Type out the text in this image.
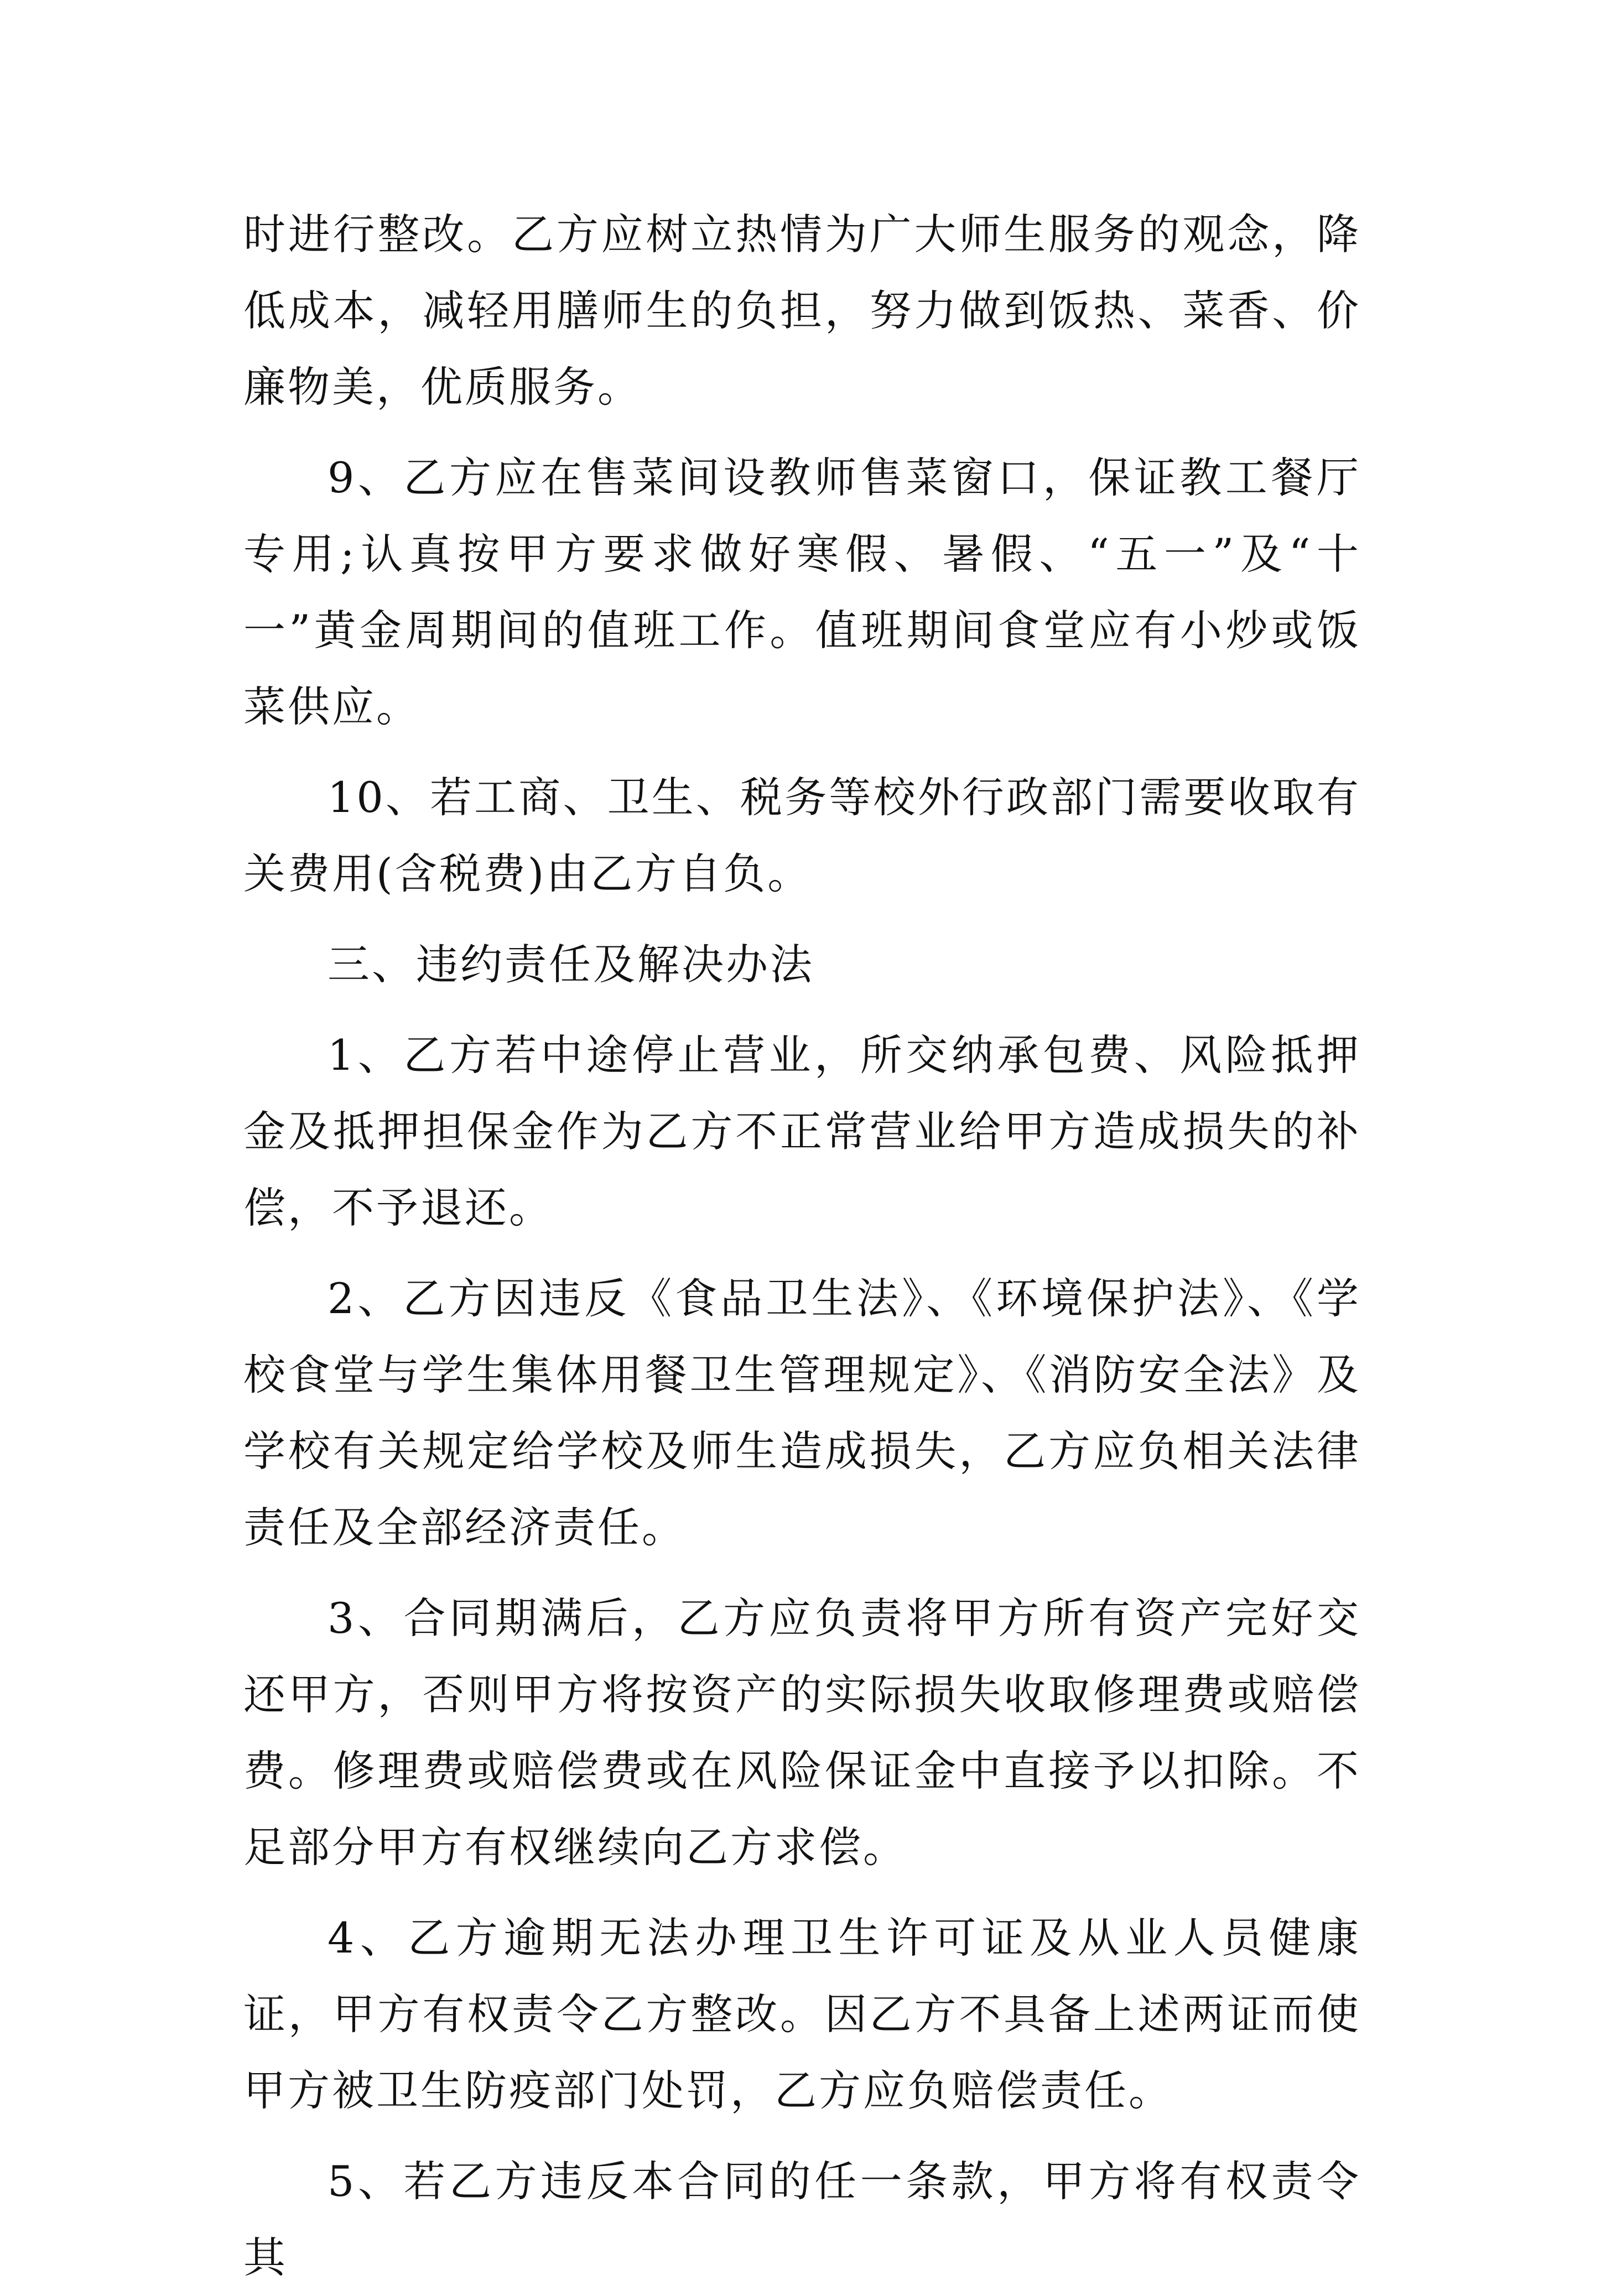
时进行整改。乙方应树立热情为广大师生服务的观念，降低成本，减轻用膳师生的负担，努力做到饭热、菜香、价廉物美，优质服务。

9、乙方应在售菜间设教师售菜窗口，保证教工餐厅专用;认真按甲方要求做好寒假、暑假、“五一”及“十一”黄金周期间的值班工作。值班期间食堂应有小炒或饭菜供应。

10、若工商、卫生、税务等校外行政部门需要收取有关费用(含税费)由乙方自负。

三、违约责任及解决办法

1、乙方若中途停止营业，所交纳承包费、风险抵押金及抵押担保金作为乙方不正常营业给甲方造成损失的补偿，不予退还。

2、乙方因违反《食品卫生法》、《环境保护法》、《学校食堂与学生集体用餐卫生管理规定》、《消防安全法》及学校有关规定给学校及师生造成损失，乙方应负相关法律责任及全部经济责任。

3、合同期满后，乙方应负责将甲方所有资产完好交还甲方，否则甲方将按资产的实际损失收取修理费或赔偿费。修理费或赔偿费或在风险保证金中直接予以扣除。不足部分甲方有权继续向乙方求偿。

4、乙方逾期无法办理卫生许可证及从业人员健康证，甲方有权责令乙方整改。因乙方不具备上述两证而使甲方被卫生防疫部门处罚，乙方应负赔偿责任。

5、若乙方违反本合同的任一条款，甲方将有权责令其
